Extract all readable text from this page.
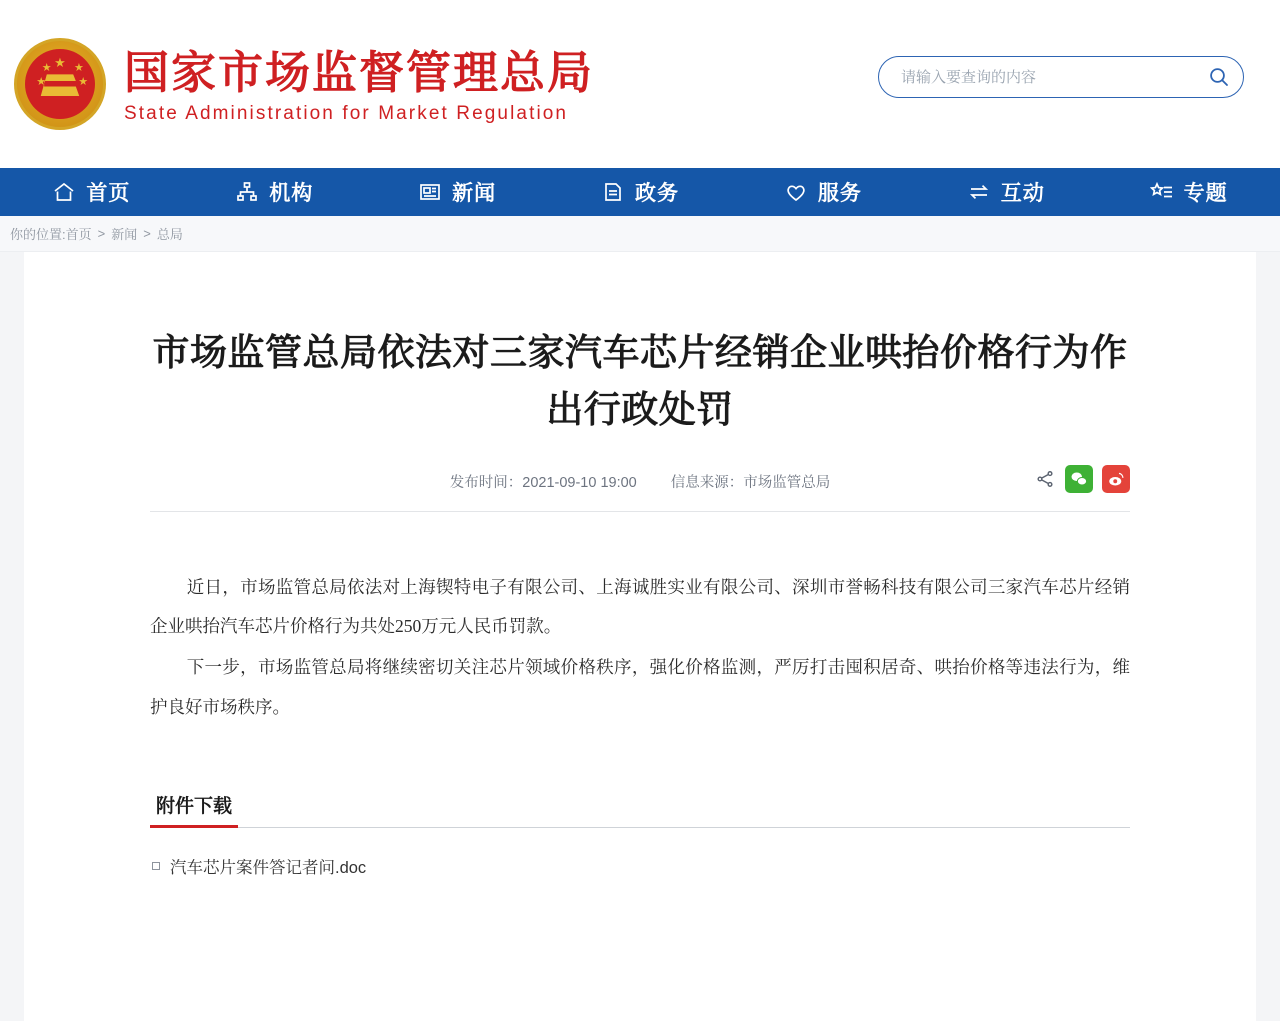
★
★ ★
★	★ 国家市场监督管理总局
State Administration for Market Regulation
请输入要查询的内容
首页	机构	新闻	政务	服务	互动	专题
你的位置: 首页 > 新闻 > 总局
市场监管总局依法对三家汽车芯片经销企业哄抬价格行为作出行政处罚
发布时间：2021-09-10 19:00 信息来源：市场监管总局

近日，市场监管总局依法对上海锲特电子有限公司、上海诚胜实业有限公司、深圳市誉畅科技有限公司三家汽车芯片经销企业哄抬汽车芯片价格行为共处250万元人民币罚款。

下一步，市场监管总局将继续密切关注芯片领域价格秩序，强化价格监测，严厉打击囤积居奇、哄抬价格等违法行为，维护良好市场秩序。

附件下载
汽车芯片案件答记者问.doc
